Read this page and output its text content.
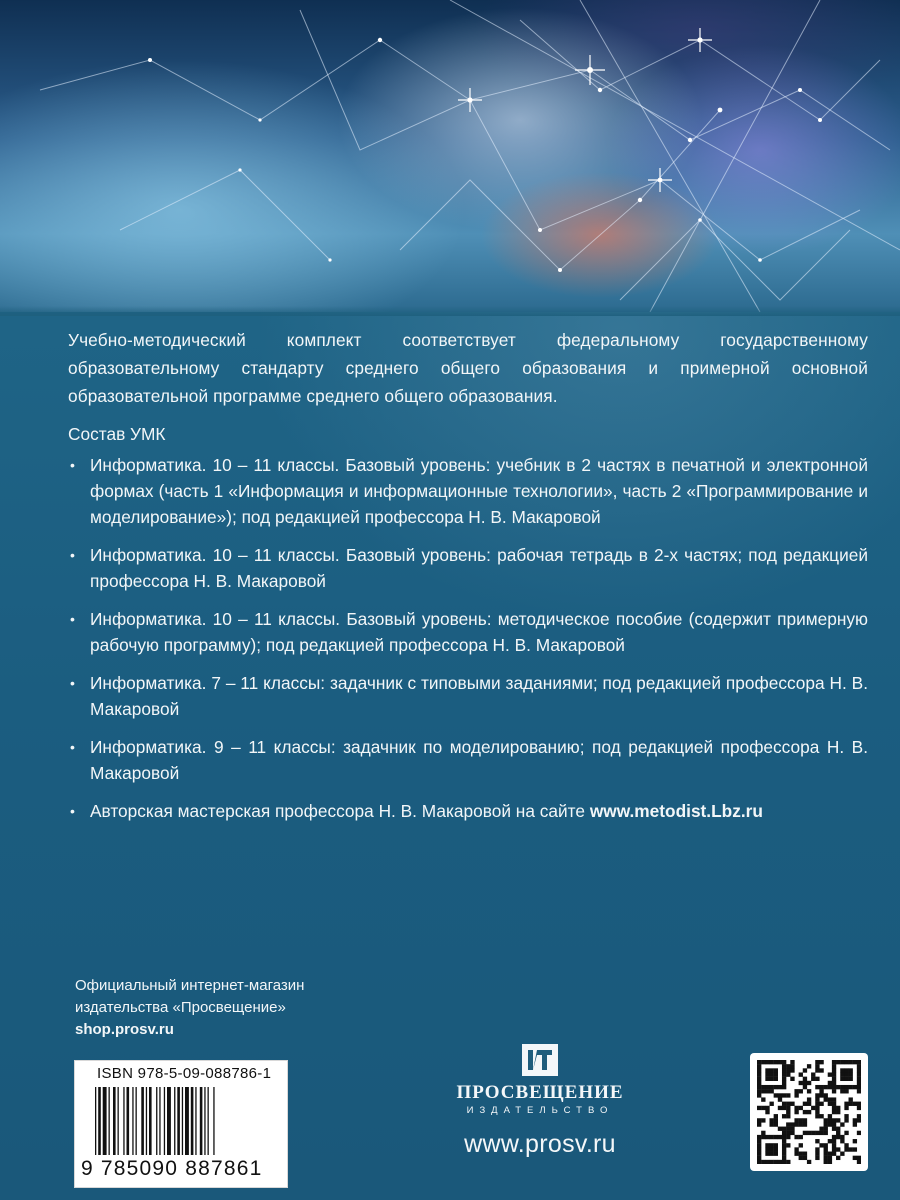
Учебно-методический комплект соответствует федеральному государственному образовательному стандарту среднего общего образования и примерной основной образовательной программе среднего общего образования.

Состав УМК

• Информатика. 10 – 11 классы. Базовый уровень: учебник в 2 частях в печатной и электронной формах (часть 1 «Информация и информационные технологии», часть 2 «Программирование и моделирование»); под редакцией профессора Н. В. Макаровой
• Информатика. 10 – 11 классы. Базовый уровень: рабочая тетрадь в 2-х частях; под редакцией профессора Н. В. Макаровой
• Информатика. 10 – 11 классы. Базовый уровень: методическое пособие (содержит примерную рабочую программу); под редакцией профессора Н. В. Макаровой
• Информатика. 7 – 11 классы: задачник с типовыми заданиями; под редакцией профессора Н. В. Макаровой
• Информатика. 9 – 11 классы: задачник по моделированию; под редакцией профессора Н. В. Макаровой
• Авторская мастерская профессора Н. В. Макаровой на сайте www.metodist.Lbz.ru
Официальный интернет-магазин
издательства «Просвещение»
shop.prosv.ru
ISBN 978-5-09-088786-1
9 785090 887861
ПРОСВЕЩЕНИЕ
ИЗДАТЕЛЬСТВО
www.prosv.ru
